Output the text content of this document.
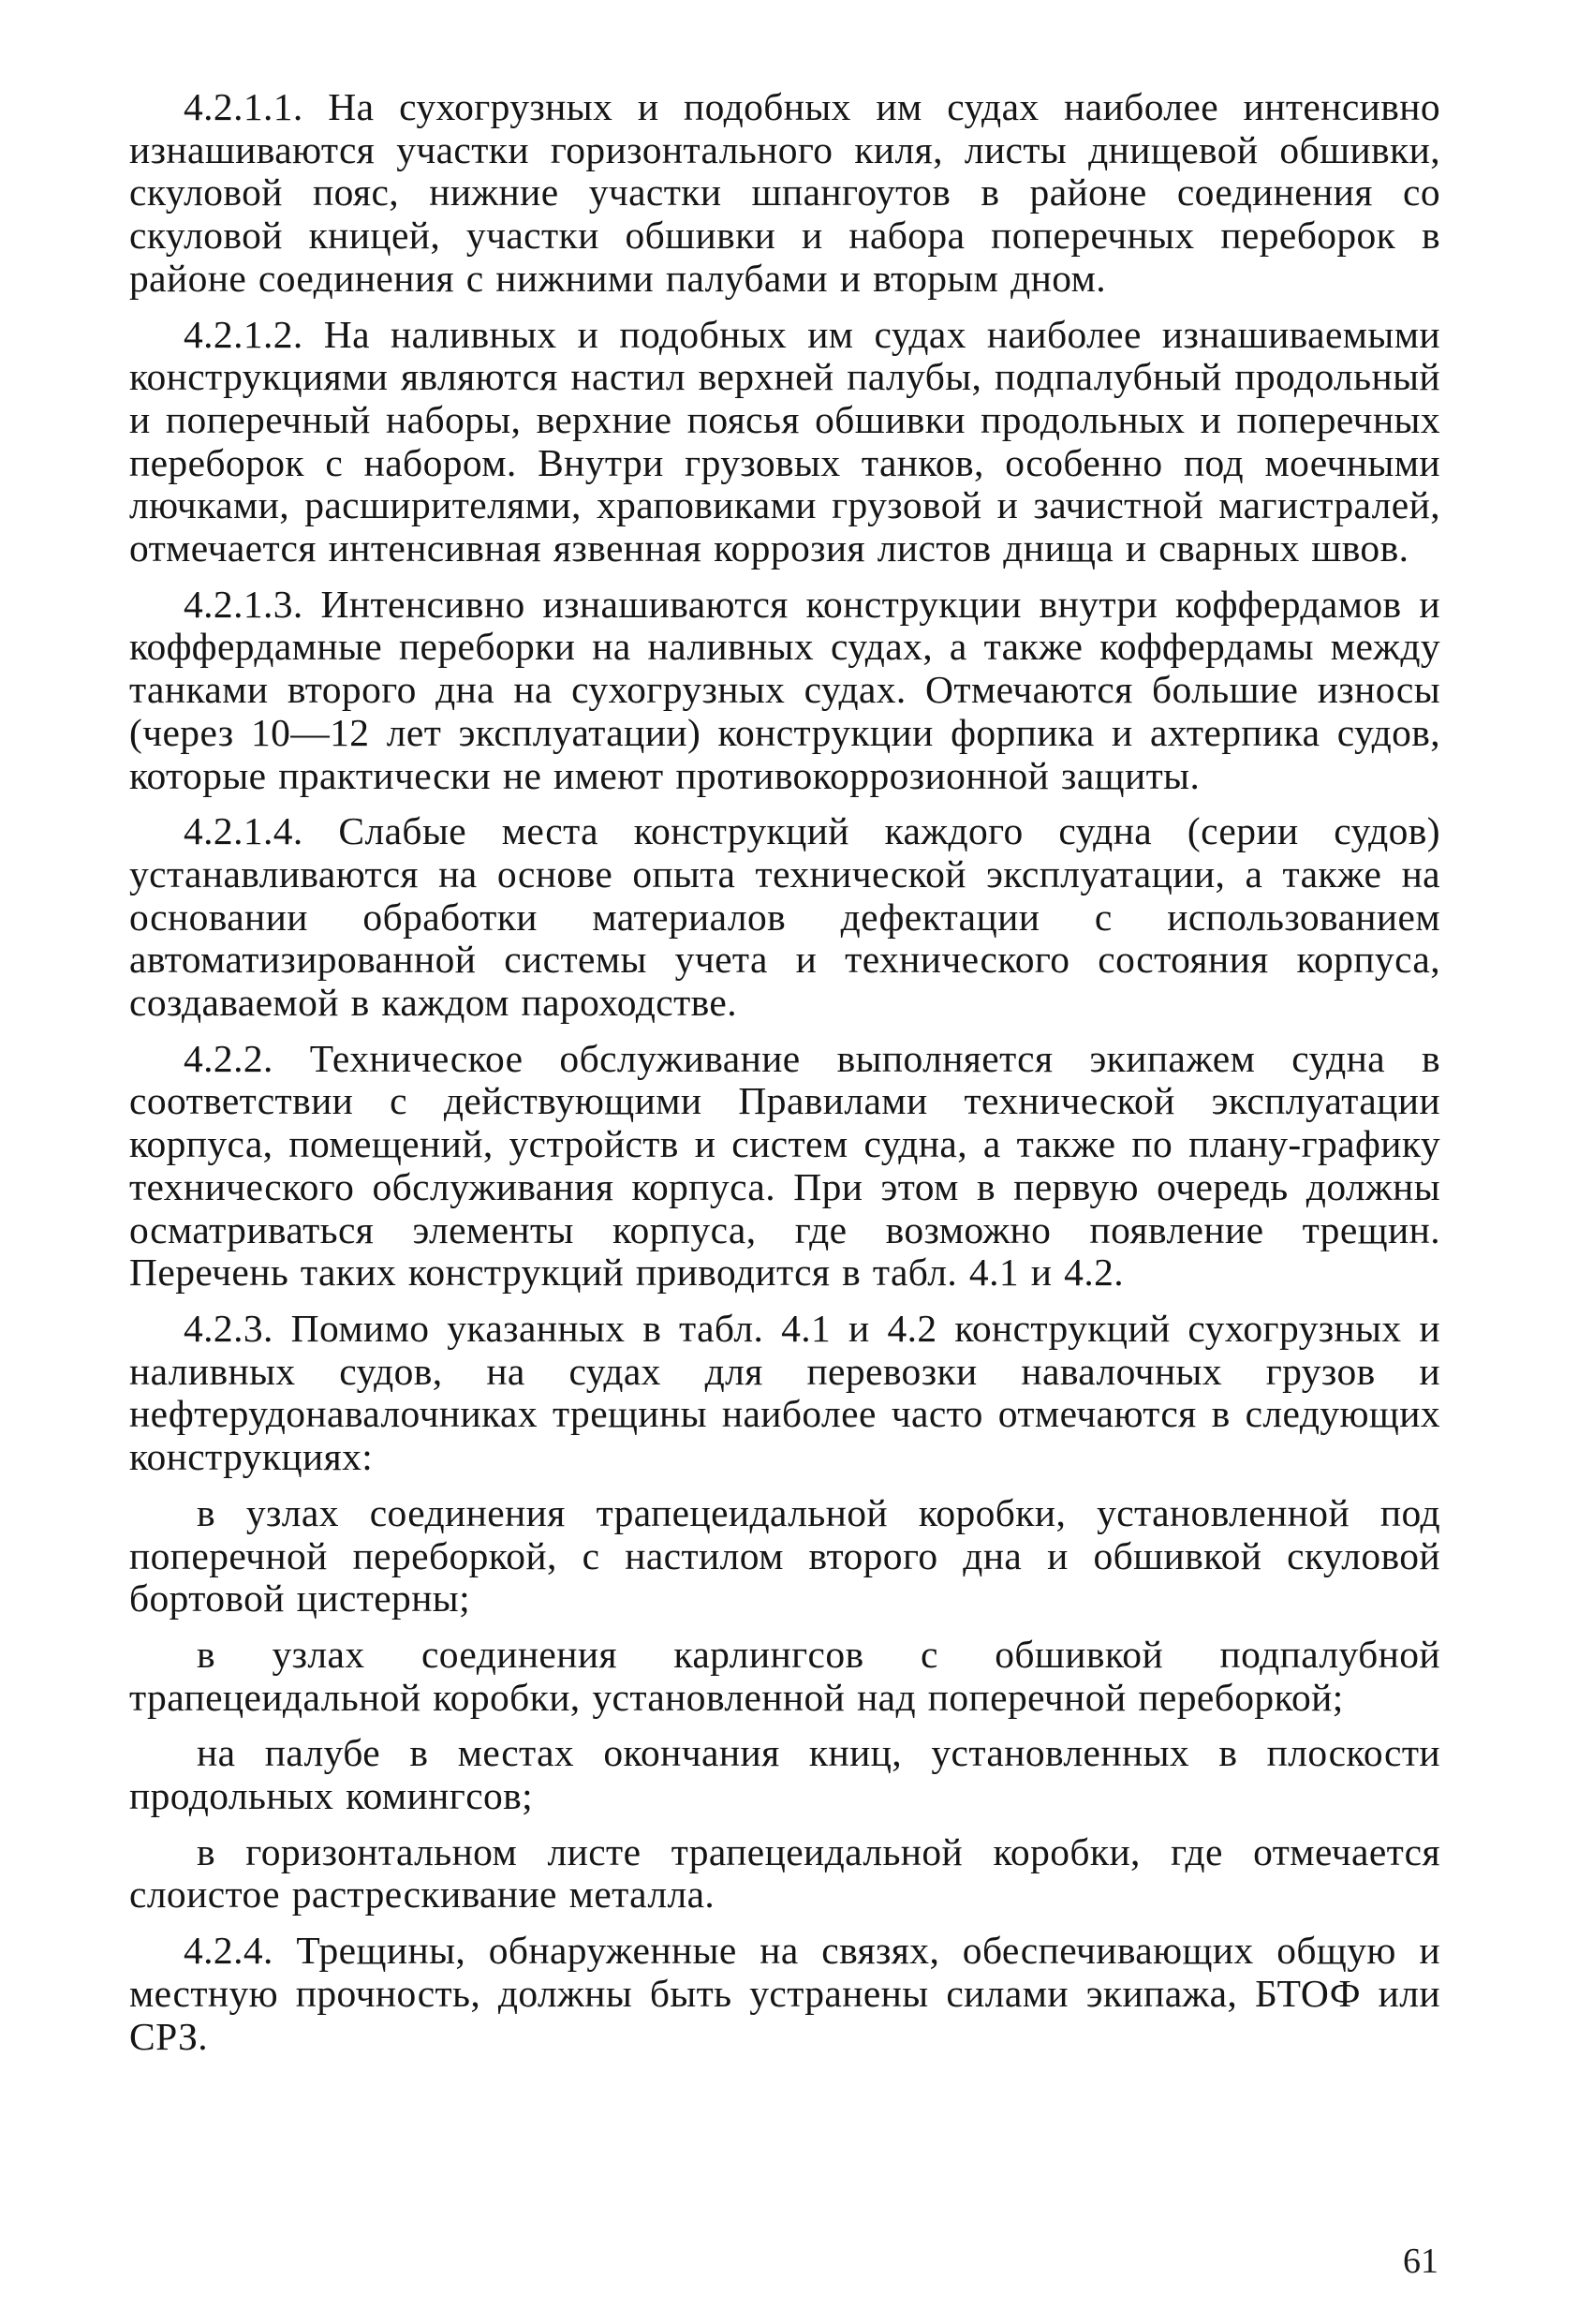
4.2.1.1. На сухогрузных и подобных им судах наиболее интенсивно изнашиваются участки горизонтального киля, листы днищевой обшивки, скуловой пояс, нижние участки шпангоутов в районе соединения со скуловой кницей, участки обшивки и набора поперечных переборок в районе соединения с нижними палубами и вторым дном.

4.2.1.2. На наливных и подобных им судах наиболее изнашиваемыми конструкциями являются настил верхней палубы, подпалубный продольный и поперечный наборы, верхние поясья обшивки продольных и поперечных переборок с набором. Внутри грузовых танков, особенно под моечными лючками, расширителями, храповиками грузовой и зачистной магистралей, отмечается интенсивная язвенная коррозия листов днища и сварных швов.

4.2.1.3. Интенсивно изнашиваются конструкции внутри коффердамов и коффердамные переборки на наливных судах, а также коффердамы между танками второго дна на сухогрузных судах. Отмечаются большие износы (через 10—12 лет эксплуатации) конструкции форпика и ахтерпика судов, которые практически не имеют противокоррозионной защиты.

4.2.1.4. Слабые места конструкций каждого судна (серии судов) устанавливаются на основе опыта технической эксплуатации, а также на основании обработки материалов дефектации с использованием автоматизированной системы учета и технического состояния корпуса, создаваемой в каждом пароходстве.

4.2.2. Техническое обслуживание выполняется экипажем судна в соответствии с действующими Правилами технической эксплуатации корпуса, помещений, устройств и систем судна, а также по плану-графику технического обслуживания корпуса. При этом в первую очередь должны осматриваться элементы корпуса, где возможно появление трещин. Перечень таких конструкций приводится в табл. 4.1 и 4.2.

4.2.3. Помимо указанных в табл. 4.1 и 4.2 конструкций сухогрузных и наливных судов, на судах для перевозки навалочных грузов и нефтерудонавалочниках трещины наиболее часто отмечаются в следующих конструкциях:

в узлах соединения трапецеидальной коробки, установленной под поперечной переборкой, с настилом второго дна и обшивкой скуловой бортовой цистерны;

в узлах соединения карлингсов с обшивкой подпалубной трапецеидальной коробки, установленной над поперечной переборкой;

на палубе в местах окончания книц, установленных в плоскости продольных комингсов;

в горизонтальном листе трапецеидальной коробки, где отмечается слоистое растрескивание металла.

4.2.4. Трещины, обнаруженные на связях, обеспечивающих общую и местную прочность, должны быть устранены силами экипажа, БТОФ или СРЗ.

61
